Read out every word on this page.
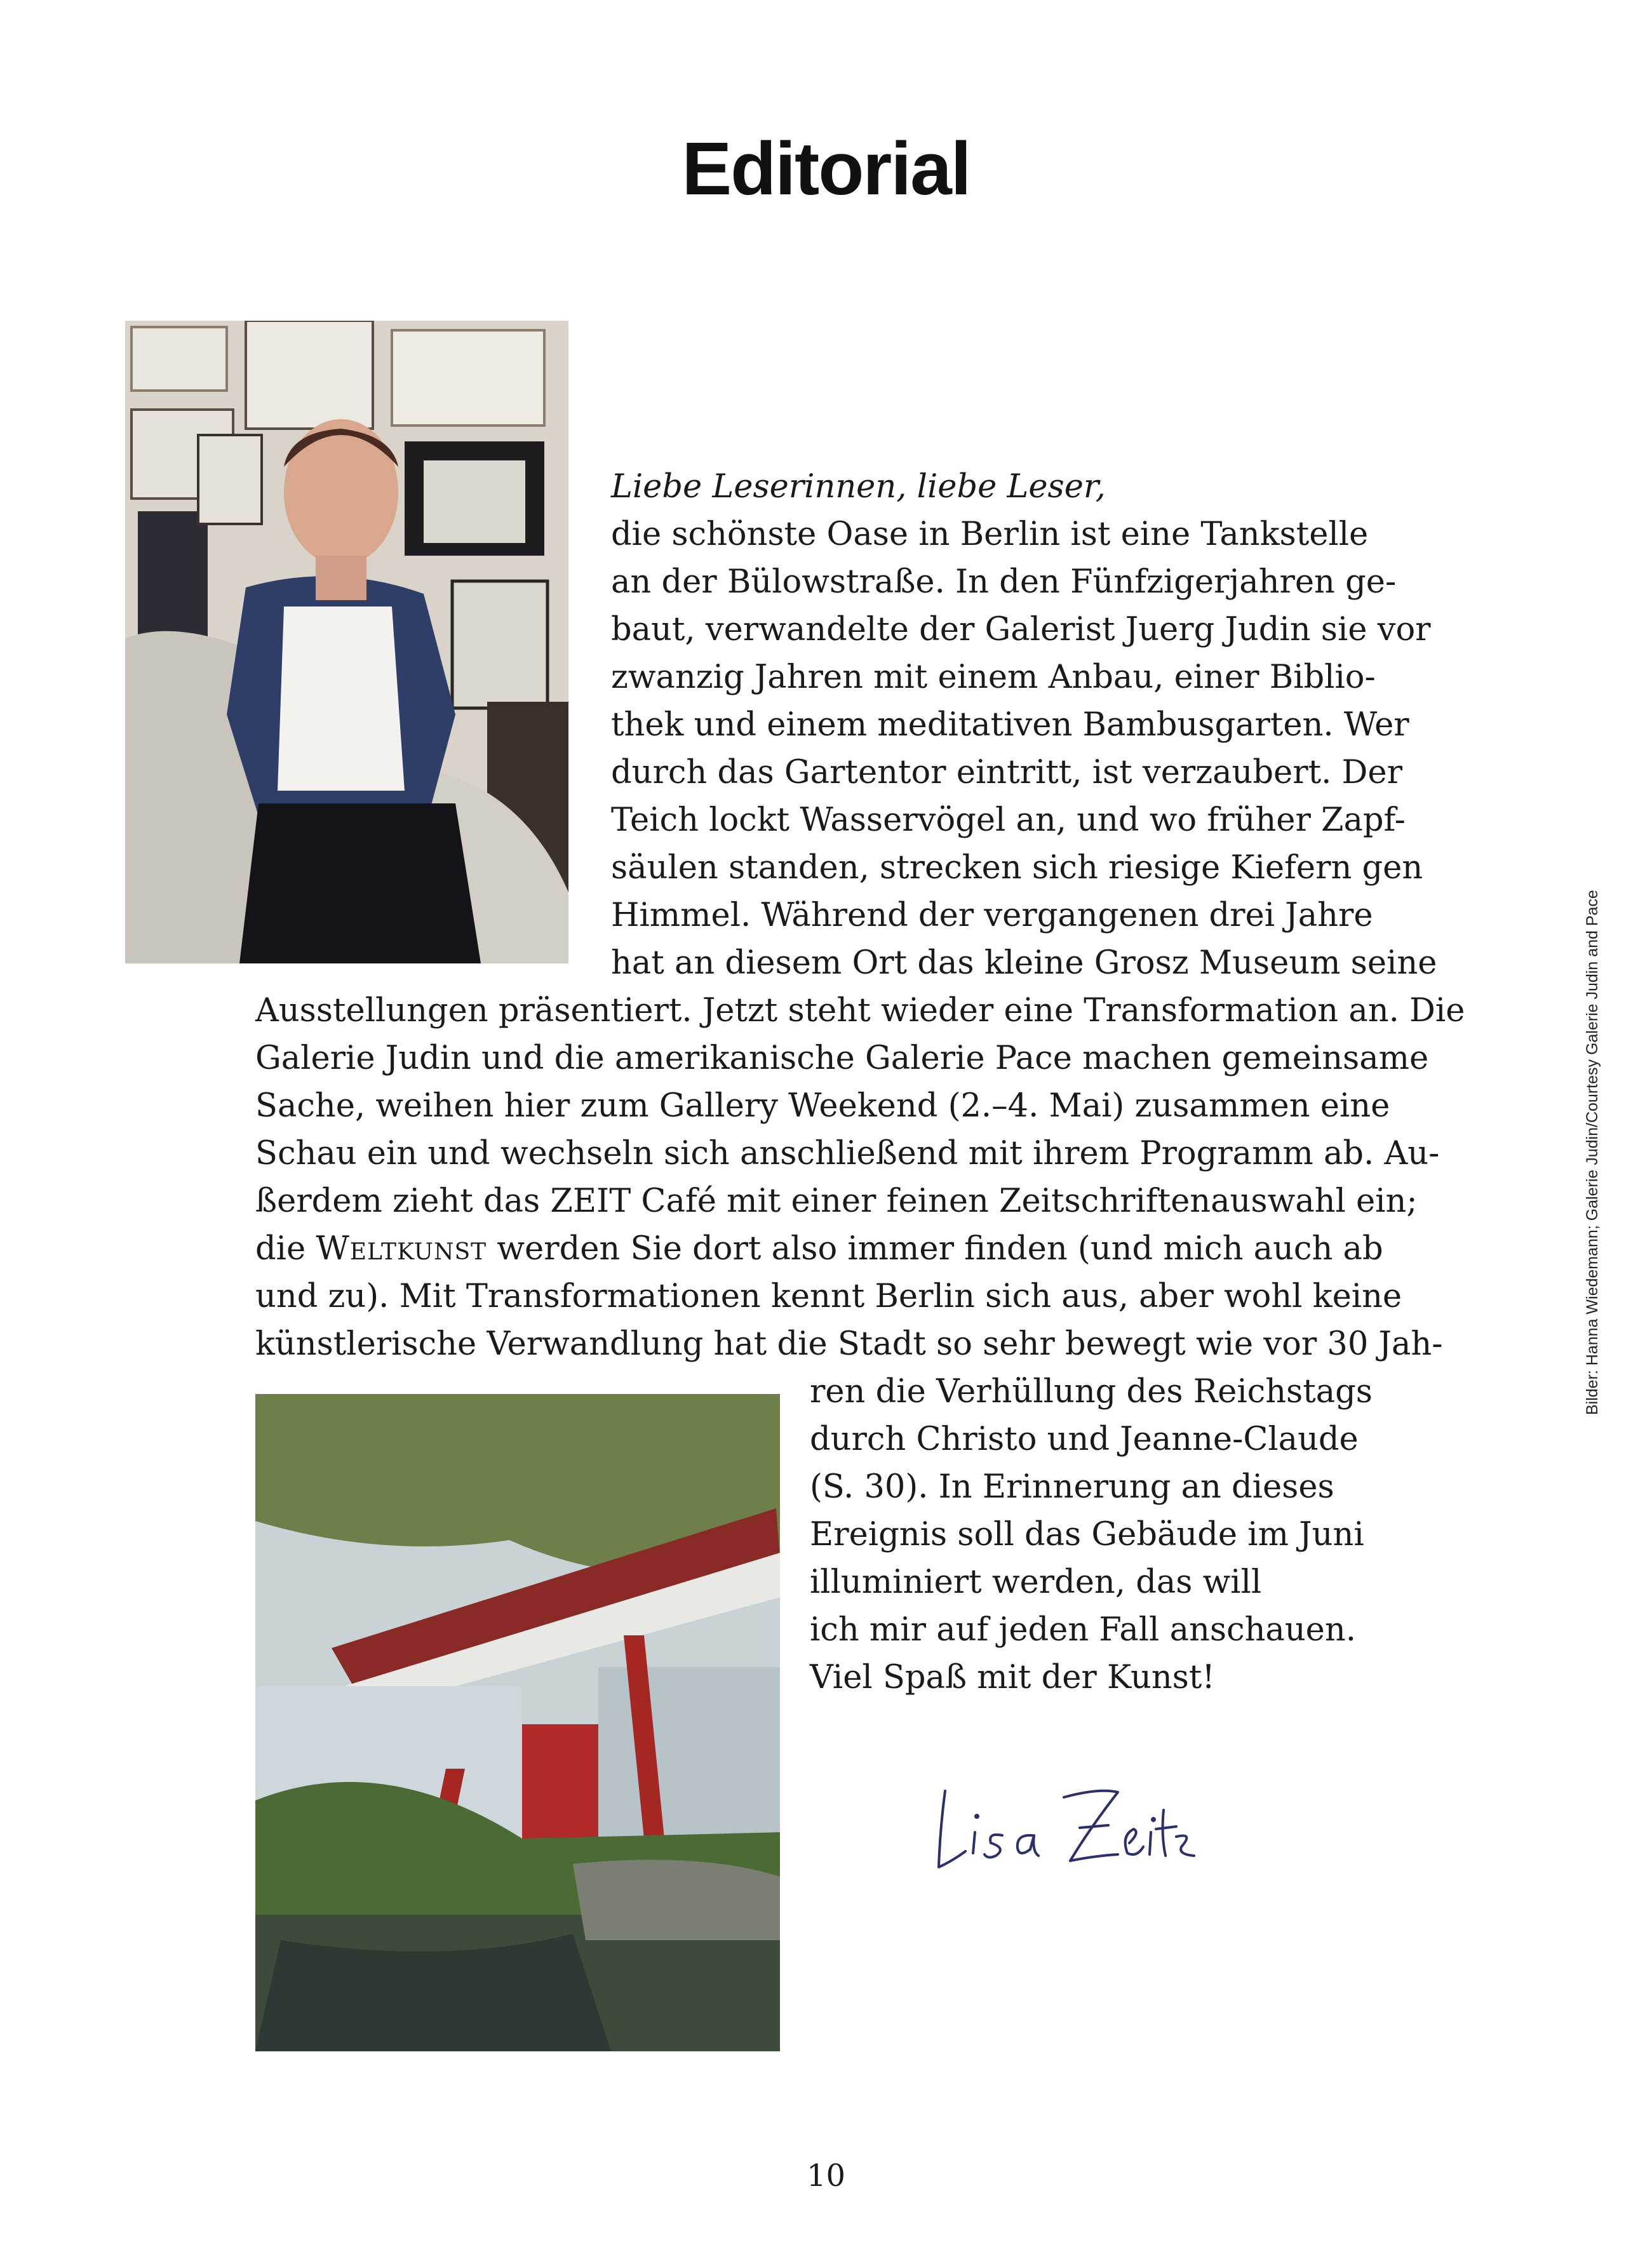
Editorial
Liebe Leserinnen, liebe Leser,
die schönste Oase in Berlin ist eine Tankstelle
an der Bülowstraße. In den Fünfzigerjahren ge-
baut, verwandelte der Galerist Juerg Judin sie vor
zwanzig Jahren mit einem Anbau, einer Biblio-
thek und einem meditativen Bambusgarten. Wer
durch das Gartentor eintritt, ist verzaubert. Der
Teich lockt Wasservögel an, und wo früher Zapf-
säulen standen, strecken sich riesige Kiefern gen
Himmel. Während der vergangenen drei Jahre
hat an diesem Ort das kleine Grosz Museum seine
Ausstellungen präsentiert. Jetzt steht wieder eine Transformation an. Die
Galerie Judin und die amerikanische Galerie Pace machen gemeinsame
Sache, weihen hier zum Gallery Weekend (2.–4. Mai) zusammen eine
Schau ein und wechseln sich anschließend mit ihrem Programm ab. Au-
ßerdem zieht das ZEIT Café mit einer feinen Zeitschriftenauswahl ein;
die Weltkunst werden Sie dort also immer finden (und mich auch ab
und zu). Mit Transformationen kennt Berlin sich aus, aber wohl keine
künstlerische Verwandlung hat die Stadt so sehr bewegt wie vor 30 Jah-
ren die Verhüllung des Reichstags
durch Christo und Jeanne-Claude
(S. 30). In Erinnerung an dieses
Ereignis soll das Gebäude im Juni
illuminiert werden, das will
ich mir auf jeden Fall anschauen.
Viel Spaß mit der Kunst!
Bilder: Hanna Wiedemann; Galerie Judin/Courtesy Galerie Judin and Pace
10
